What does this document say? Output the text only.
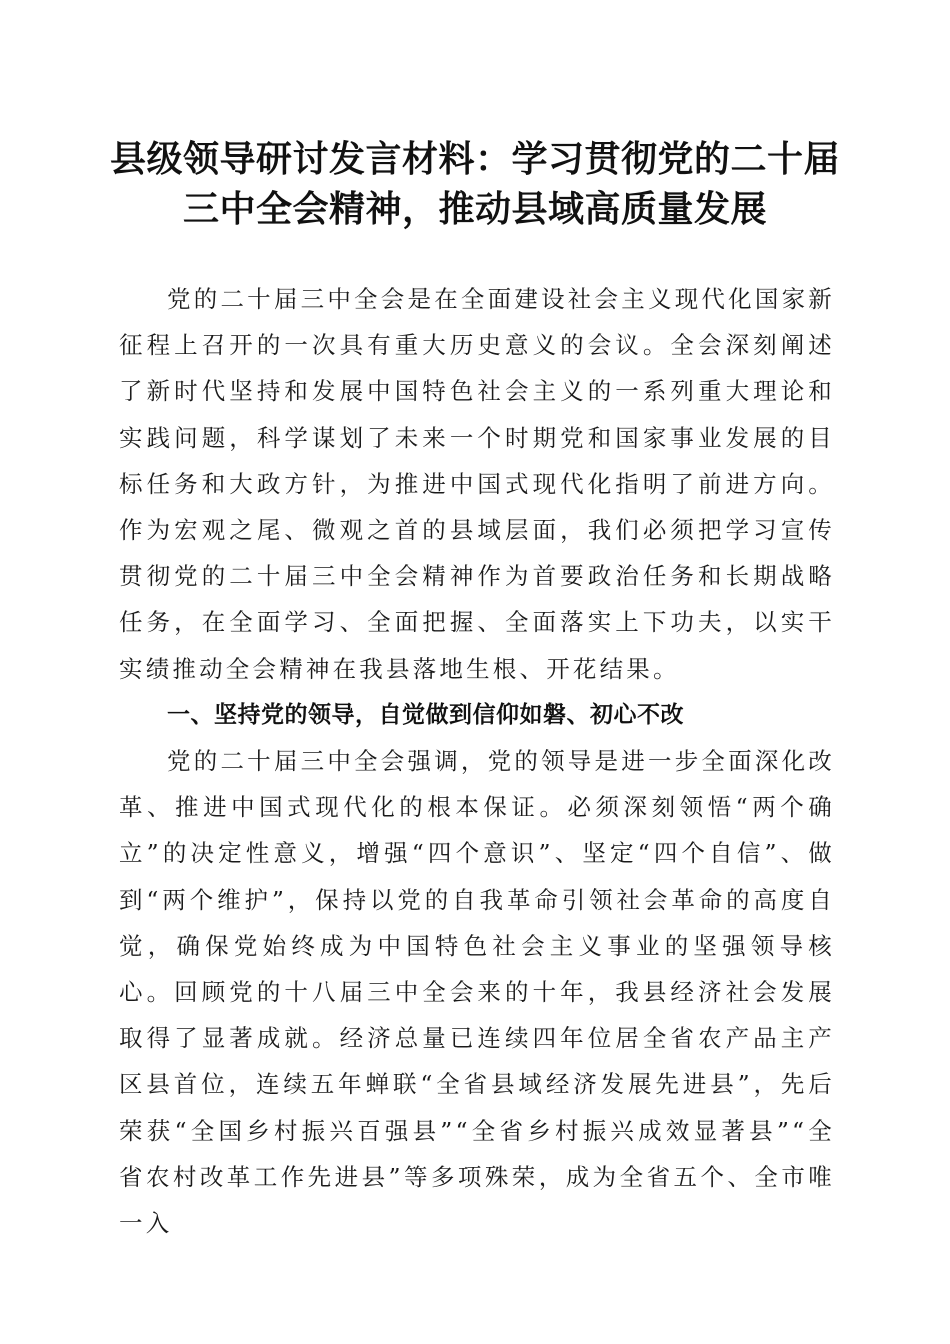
县级领导研讨发言材料：学习贯彻党的二十届
三中全会精神，推动县域高质量发展

党的二十届三中全会是在全面建设社会主义现代化国家新征程上召开的一次具有重大历史意义的会议。全会深刻阐述了新时代坚持和发展中国特色社会主义的一系列重大理论和实践问题，科学谋划了未来一个时期党和国家事业发展的目标任务和大政方针，为推进中国式现代化指明了前进方向。作为宏观之尾、微观之首的县域层面，我们必须把学习宣传贯彻党的二十届三中全会精神作为首要政治任务和长期战略任务，在全面学习、全面把握、全面落实上下功夫，以实干实绩推动全会精神在我县落地生根、开花结果。

一、坚持党的领导，自觉做到信仰如磐、初心不改

党的二十届三中全会强调，党的领导是进一步全面深化改革、推进中国式现代化的根本保证。必须深刻领悟“两个确立”的决定性意义，增强“四个意识”、坚定“四个自信”、做到“两个维护”，保持以党的自我革命引领社会革命的高度自觉，确保党始终成为中国特色社会主义事业的坚强领导核心。回顾党的十八届三中全会来的十年，我县经济社会发展取得了显著成就。经济总量已连续四年位居全省农产品主产区县首位，连续五年蝉联“全省县域经济发展先进县”，先后荣获“全国乡村振兴百强县”“全省乡村振兴成效显著县”“全省农村改革工作先进县”等多项殊荣，成为全省五个、全市唯一入
